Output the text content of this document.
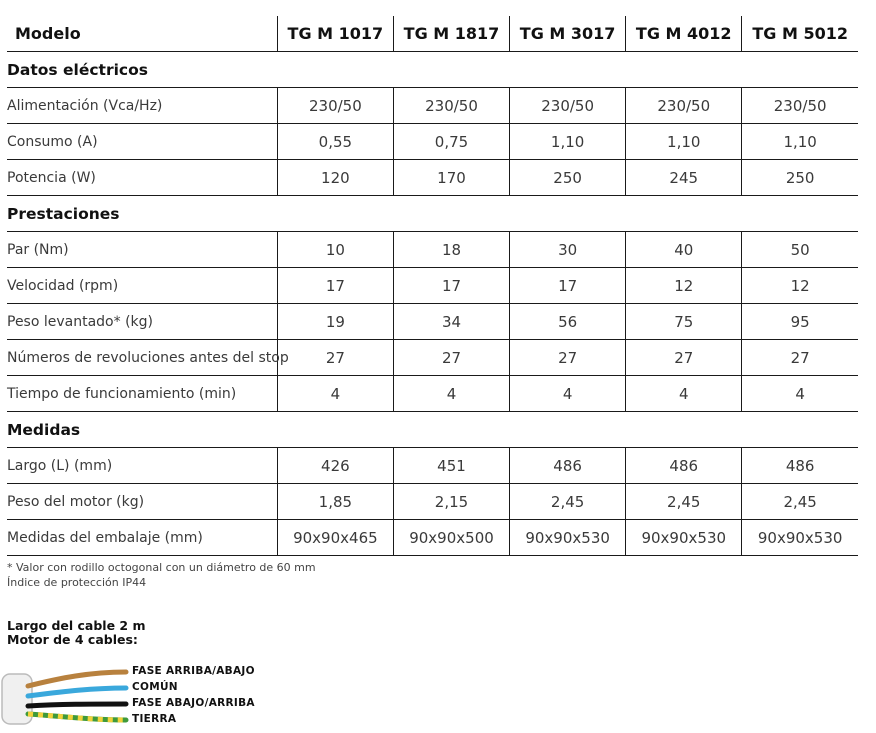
Modelo	TG M 1017	TG M 1817	TG M 3017	TG M 4012	TG M 5012
Datos eléctricos					
Alimentación (Vca/Hz)	230/50	230/50	230/50	230/50	230/50
Consumo (A)	0,55	0,75	1,10	1,10	1,10
Potencia (W)	120	170	250	245	250
Prestaciones					
Par (Nm)	10	18	30	40	50
Velocidad (rpm)	17	17	17	12	12
Peso levantado* (kg)	19	34	56	75	95
Números de revoluciones antes del stop	27	27	27	27	27
Tiempo de funcionamiento (min)	4	4	4	4	4
Medidas					
Largo (L) (mm)	426	451	486	486	486
Peso del motor (kg)	1,85	2,15	2,45	2,45	2,45
Medidas del embalaje (mm)	90x90x465	90x90x500	90x90x530	90x90x530	90x90x530
* Valor con rodillo octogonal con un diámetro de 60 mm
Índice de protección IP44
Largo del cable 2 m
Motor de 4 cables:
FASE ARRIBA/ABAJO
COMÚN
FASE ABAJO/ARRIBA
TIERRA
